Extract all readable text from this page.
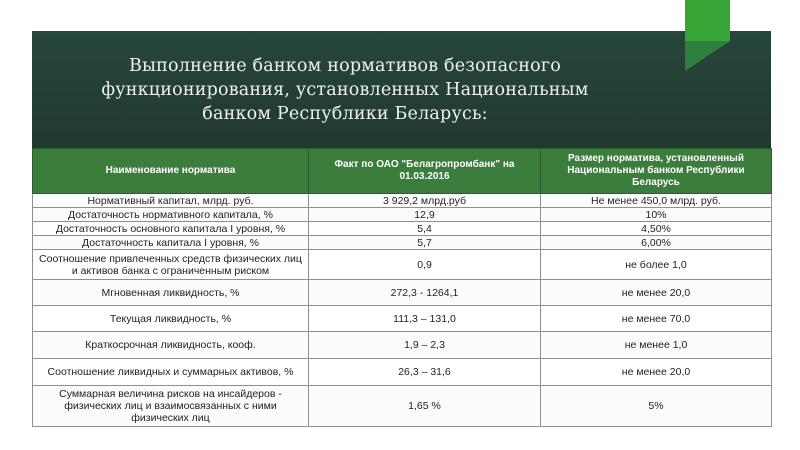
Выполнение банком нормативов безопасного
функционирования, установленных Национальным
банком Республики Беларусь:
Наименование норматива	Факт по ОАО "Белагропромбанк" на 01.03.2016	Размер норматива, установленный Национальным банком Республики Беларусь
Нормативный капитал, млрд. руб.	3 929,2 млрд.руб	Не менее 450,0 млрд. руб.
Достаточность нормативного капитала, %	12,9	10%
Достаточность основного капитала I уровня, %	5,4	4,50%
Достаточность капитала I уровня, %	5,7	6,00%
Соотношение привлеченных средств физических лиц и активов банка с ограниченным риском	0,9	не более 1,0
Мгновенная ликвидность, %	272,3 - 1264,1	не менее 20,0
Текущая ликвидность, %	111,3 – 131,0	не менее 70,0
Краткосрочная ликвидность, кооф.	1,9 – 2,3	не менее 1,0
Соотношение ликвидных и суммарных активов, %	26,3 – 31,6	не менее 20,0
Суммарная величина рисков на инсайдеров - физических лиц и взаимосвязанных с ними физических лиц	1,65 %	5%
